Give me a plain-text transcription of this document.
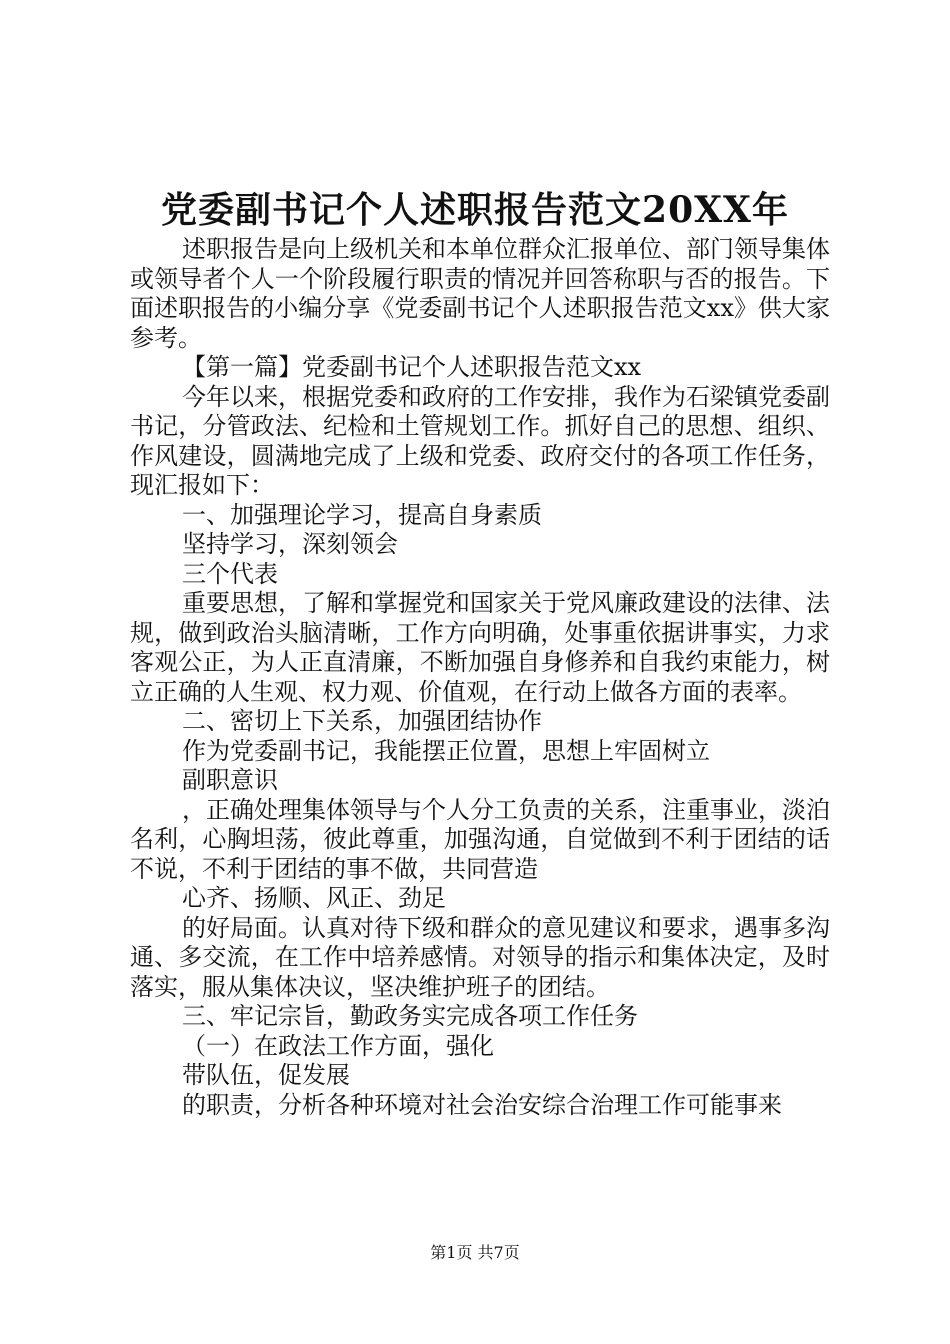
党委副书记个人述职报告范文20XX年

述职报告是向上级机关和本单位群众汇报单位、部门领导集体或领导者个人一个阶段履行职责的情况并回答称职与否的报告。下面述职报告的小编分享《党委副书记个人述职报告范文xx》供大家参考。

【第一篇】党委副书记个人述职报告范文xx

今年以来，根据党委和政府的工作安排，我作为石梁镇党委副书记，分管政法、纪检和土管规划工作。抓好自己的思想、组织、作风建设，圆满地完成了上级和党委、政府交付的各项工作任务，现汇报如下：

一、加强理论学习，提高自身素质

坚持学习，深刻领会

三个代表

重要思想，了解和掌握党和国家关于党风廉政建设的法律、法规，做到政治头脑清晰，工作方向明确，处事重依据讲事实，力求客观公正，为人正直清廉，不断加强自身修养和自我约束能力，树立正确的人生观、权力观、价值观，在行动上做各方面的表率。

二、密切上下关系，加强团结协作

作为党委副书记，我能摆正位置，思想上牢固树立

副职意识

，正确处理集体领导与个人分工负责的关系，注重事业，淡泊名利，心胸坦荡，彼此尊重，加强沟通，自觉做到不利于团结的话不说，不利于团结的事不做，共同营造

心齐、扬顺、风正、劲足

的好局面。认真对待下级和群众的意见建议和要求，遇事多沟通、多交流，在工作中培养感情。对领导的指示和集体决定，及时落实，服从集体决议，坚决维护班子的团结。

三、牢记宗旨，勤政务实完成各项工作任务

（一）在政法工作方面，强化

带队伍，促发展

的职责，分析各种环境对社会治安综合治理工作可能事来

第1页 共7页
